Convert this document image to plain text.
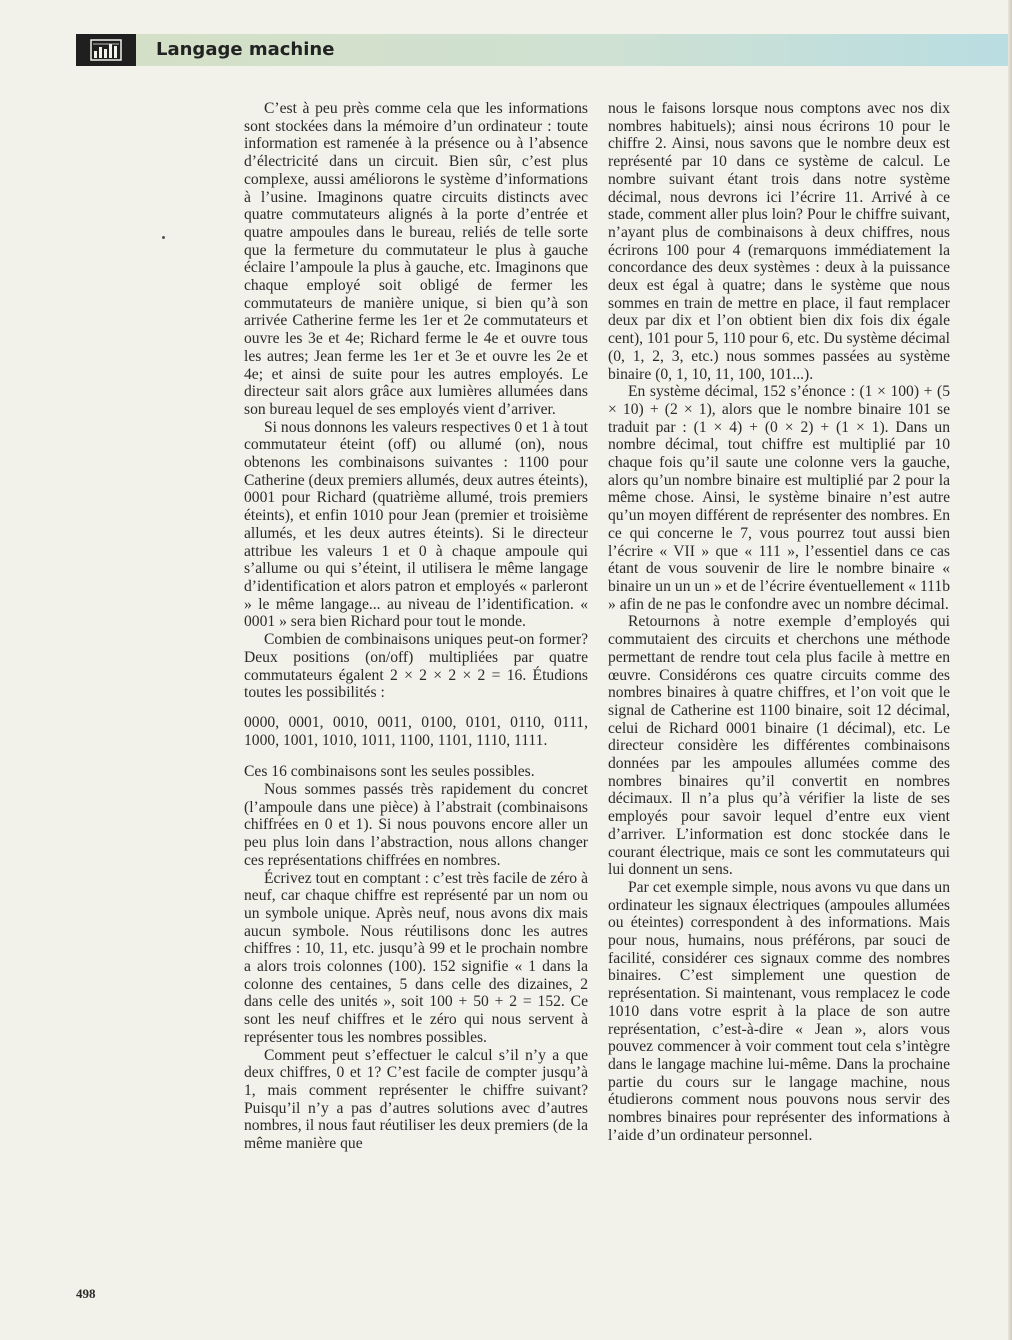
Langage machine

C’est à peu près comme cela que les informations sont stockées dans la mémoire d’un ordinateur : toute information est ramenée à la présence ou à l’absence d’électricité dans un circuit. Bien sûr, c’est plus complexe, aussi améliorons le système d’informations à l’usine. Imaginons quatre circuits distincts avec quatre commutateurs alignés à la porte d’entrée et quatre ampoules dans le bureau, reliés de telle sorte que la fermeture du commutateur le plus à gauche éclaire l’ampoule la plus à gauche, etc. Imaginons que chaque employé soit obligé de fermer les commutateurs de manière unique, si bien qu’à son arrivée Catherine ferme les 1er et 2e commutateurs et ouvre les 3e et 4e; Richard ferme le 4e et ouvre tous les autres; Jean ferme les 1er et 3e et ouvre les 2e et 4e; et ainsi de suite pour les autres employés. Le directeur sait alors grâce aux lumières allumées dans son bureau lequel de ses employés vient d’arriver.

Si nous donnons les valeurs respectives 0 et 1 à tout commutateur éteint (off) ou allumé (on), nous obtenons les combinaisons suivantes : 1100 pour Catherine (deux premiers allumés, deux autres éteints), 0001 pour Richard (quatrième allumé, trois premiers éteints), et enfin 1010 pour Jean (premier et troisième allumés, et les deux autres éteints). Si le directeur attribue les valeurs 1 et 0 à chaque ampoule qui s’allume ou qui s’éteint, il utilisera le même langage d’identification et alors patron et employés « parleront » le même langage... au niveau de l’identification. « 0001 » sera bien Richard pour tout le monde.

Combien de combinaisons uniques peut-on former? Deux positions (on/off) multipliées par quatre commutateurs égalent 2 × 2 × 2 × 2 = 16. Étudions toutes les possibilités :

0000, 0001, 0010, 0011, 0100, 0101, 0110, 0111, 1000, 1001, 1010, 1011, 1100, 1101, 1110, 1111.

Ces 16 combinaisons sont les seules possibles.

Nous sommes passés très rapidement du concret (l’ampoule dans une pièce) à l’abstrait (combinaisons chiffrées en 0 et 1). Si nous pouvons encore aller un peu plus loin dans l’abstraction, nous allons changer ces représentations chiffrées en nombres.

Écrivez tout en comptant : c’est très facile de zéro à neuf, car chaque chiffre est représenté par un nom ou un symbole unique. Après neuf, nous avons dix mais aucun symbole. Nous réutilisons donc les autres chiffres : 10, 11, etc. jusqu’à 99 et le prochain nombre a alors trois colonnes (100). 152 signifie « 1 dans la colonne des centaines, 5 dans celle des dizaines, 2 dans celle des unités », soit 100 + 50 + 2 = 152. Ce sont les neuf chiffres et le zéro qui nous servent à représenter tous les nombres possibles.

Comment peut s’effectuer le calcul s’il n’y a que deux chiffres, 0 et 1? C’est facile de compter jusqu’à 1, mais comment représenter le chiffre suivant? Puisqu’il n’y a pas d’autres solutions avec d’autres nombres, il nous faut réutiliser les deux premiers (de la même manière que

nous le faisons lorsque nous comptons avec nos dix nombres habituels); ainsi nous écrirons 10 pour le chiffre 2. Ainsi, nous savons que le nombre deux est représenté par 10 dans ce système de calcul. Le nombre suivant étant trois dans notre système décimal, nous devrons ici l’écrire 11. Arrivé à ce stade, comment aller plus loin? Pour le chiffre suivant, n’ayant plus de combinaisons à deux chiffres, nous écrirons 100 pour 4 (remarquons immédiatement la concordance des deux systèmes : deux à la puissance deux est égal à quatre; dans le système que nous sommes en train de mettre en place, il faut remplacer deux par dix et l’on obtient bien dix fois dix égale cent), 101 pour 5, 110 pour 6, etc. Du système décimal (0, 1, 2, 3, etc.) nous sommes passées au système binaire (0, 1, 10, 11, 100, 101...).

En système décimal, 152 s’énonce : (1 × 100) + (5 × 10) + (2 × 1), alors que le nombre binaire 101 se traduit par : (1 × 4) + (0 × 2) + (1 × 1). Dans un nombre décimal, tout chiffre est multiplié par 10 chaque fois qu’il saute une colonne vers la gauche, alors qu’un nombre binaire est multiplié par 2 pour la même chose. Ainsi, le système binaire n’est autre qu’un moyen différent de représenter des nombres. En ce qui concerne le 7, vous pourrez tout aussi bien l’écrire « VII » que « 111 », l’essentiel dans ce cas étant de vous souvenir de lire le nombre binaire « binaire un un un » et de l’écrire éventuellement « 111b » afin de ne pas le confondre avec un nombre décimal.

Retournons à notre exemple d’employés qui commutaient des circuits et cherchons une méthode permettant de rendre tout cela plus facile à mettre en œuvre. Considérons ces quatre circuits comme des nombres binaires à quatre chiffres, et l’on voit que le signal de Catherine est 1100 binaire, soit 12 décimal, celui de Richard 0001 binaire (1 décimal), etc. Le directeur considère les différentes combinaisons données par les ampoules allumées comme des nombres binaires qu’il convertit en nombres décimaux. Il n’a plus qu’à vérifier la liste de ses employés pour savoir lequel d’entre eux vient d’arriver. L’information est donc stockée dans le courant électrique, mais ce sont les commutateurs qui lui donnent un sens.

Par cet exemple simple, nous avons vu que dans un ordinateur les signaux électriques (ampoules allumées ou éteintes) correspondent à des informations. Mais pour nous, humains, nous préférons, par souci de facilité, considérer ces signaux comme des nombres binaires. C’est simplement une question de représentation. Si maintenant, vous remplacez le code 1010 dans votre esprit à la place de son autre représentation, c’est-à-dire « Jean », alors vous pouvez commencer à voir comment tout cela s’intègre dans le langage machine lui-même. Dans la prochaine partie du cours sur le langage machine, nous étudierons comment nous pouvons nous servir des nombres binaires pour représenter des informations à l’aide d’un ordinateur personnel.

498
